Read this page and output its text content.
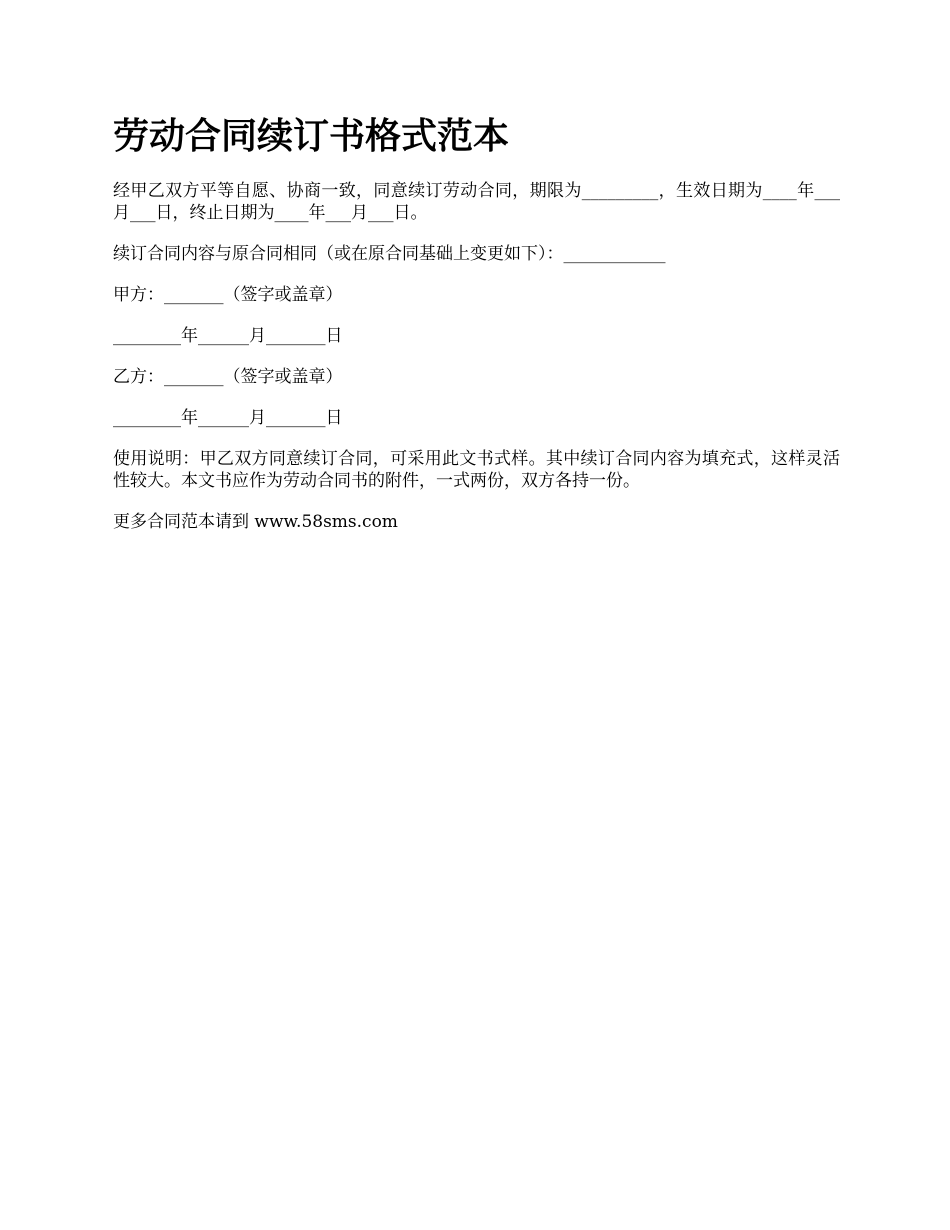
劳动合同续订书格式范本

经甲乙双方平等自愿、协商一致，同意续订劳动合同，期限为_________，生效日期为____年___月___日，终止日期为____年___月___日。

续订合同内容与原合同相同（或在原合同基础上变更如下）：____________

甲方：_______（签字或盖章）

________年______月_______日

乙方：_______（签字或盖章）

________年______月_______日

使用说明：甲乙双方同意续订合同，可采用此文书式样。其中续订合同内容为填充式，这样灵活性较大。本文书应作为劳动合同书的附件，一式两份，双方各持一份。

更多合同范本请到 www.58sms.com
